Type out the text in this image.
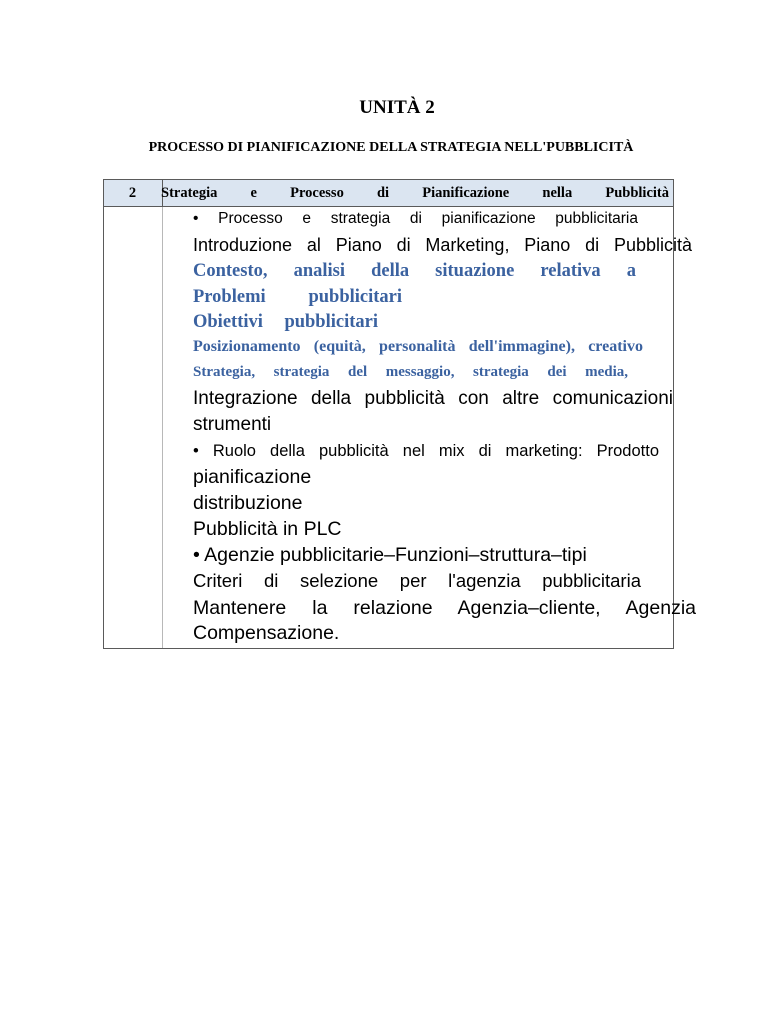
UNITÀ 2
PROCESSO DI PIANIFICAZIONE DELLA STRATEGIA NELL'PUBBLICITÀ
2	Strategia e Processo di Pianificazione nella Pubblicità
• Processo e strategia di pianificazione pubblicitaria
Introduzione al Piano di Marketing, Piano di Pubblicità
Contesto, analisi della situazione relativa a
Problemi pubblicitari
Obiettivi pubblicitari
Posizionamento (equità, personalità dell'immagine), creativo
Strategia, strategia del messaggio, strategia dei media,
Integrazione della pubblicità con altre comunicazioni
strumenti
• Ruolo della pubblicità nel mix di marketing: Prodotto
pianificazione
distribuzione
Pubblicità in PLC
• Agenzie pubblicitarie–Funzioni–struttura–tipi
Criteri di selezione per l'agenzia pubblicitaria
Mantenere la relazione Agenzia–cliente, Agenzia
Compensazione.
